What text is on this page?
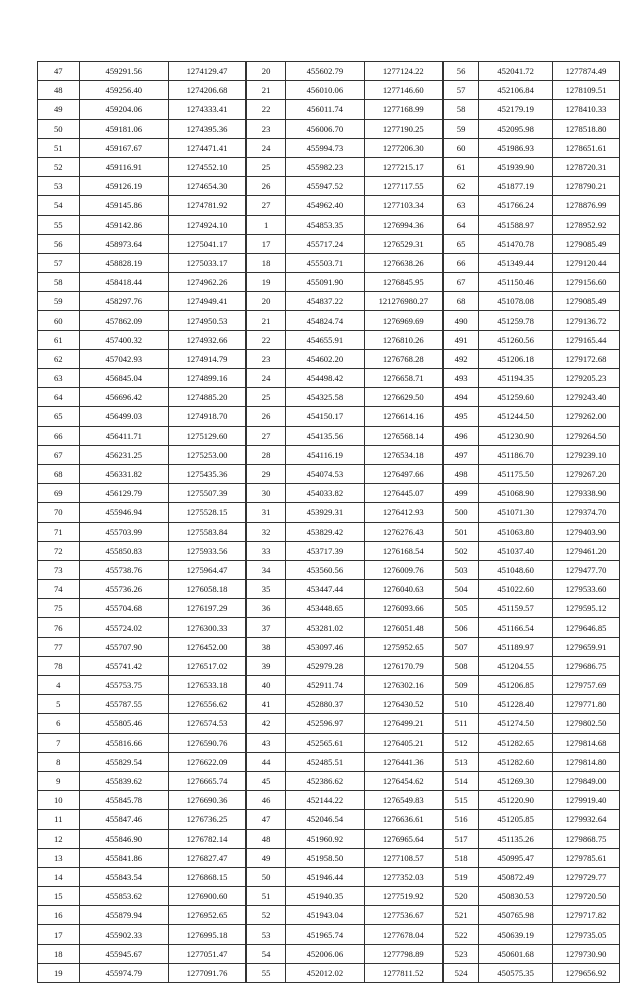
47	459291.56	1274129.47
48	459256.40	1274206.68
49	459204.06	1274333.41
50	459181.06	1274395.36
51	459167.67	1274471.41
52	459116.91	1274552.10
53	459126.19	1274654.30
54	459145.86	1274781.92
55	459142.86	1274924.10
56	458973.64	1275041.17
57	458828.19	1275033.17
58	458418.44	1274962.26
59	458297.76	1274949.41
60	457862.09	1274950.53
61	457400.32	1274932.66
62	457042.93	1274914.79
63	456845.04	1274899.16
64	456696.42	1274885.20
65	456499.03	1274918.70
66	456411.71	1275129.60
67	456231.25	1275253.00
68	456331.82	1275435.36
69	456129.79	1275507.39
70	455946.94	1275528.15
71	455703.99	1275583.84
72	455850.83	1275933.56
73	455738.76	1275964.47
74	455736.26	1276058.18
75	455704.68	1276197.29
76	455724.02	1276300.33
77	455707.90	1276452.00
78	455741.42	1276517.02
4	455753.75	1276533.18
5	455787.55	1276556.62
6	455805.46	1276574.53
7	455816.66	1276590.76
8	455829.54	1276622.09
9	455839.62	1276665.74
10	455845.78	1276690.36
11	455847.46	1276736.25
12	455846.90	1276782.14
13	455841.86	1276827.47
14	455843.54	1276868.15
15	455853.62	1276900.60
16	455879.94	1276952.65
17	455902.33	1276995.18
18	455945.67	1277051.47
19	455974.79	1277091.76
20	455602.79	1277124.22
21	456010.06	1277146.60
22	456011.74	1277168.99
23	456006.70	1277190.25
24	455994.73	1277206.30
25	455982.23	1277215.17
26	455947.52	1277117.55
27	454962.40	1277103.34
1	454853.35	1276994.36
17	455717.24	1276529.31
18	455503.71	1276638.26
19	455091.90	1276845.95
20	454837.22	121276980.27
21	454824.74	1276969.69
22	454655.91	1276810.26
23	454602.20	1276768.28
24	454498.42	1276658.71
25	454325.58	1276629.50
26	454150.17	1276614.16
27	454135.56	1276568.14
28	454116.19	1276534.18
29	454074.53	1276497.66
30	454033.82	1276445.07
31	453929.31	1276412.93
32	453829.42	1276276.43
33	453717.39	1276168.54
34	453560.56	1276009.76
35	453447.44	1276040.63
36	453448.65	1276093.66
37	453281.02	1276051.48
38	453097.46	1275952.65
39	452979.28	1276170.79
40	452911.74	1276302.16
41	452880.37	1276430.52
42	452596.97	1276499.21
43	452565.61	1276405.21
44	452485.51	1276441.36
45	452386.62	1276454.62
46	452144.22	1276549.83
47	452046.54	1276636.61
48	451960.92	1276965.64
49	451958.50	1277108.57
50	451946.44	1277352.03
51	451940.35	1277519.92
52	451943.04	1277536.67
53	451965.74	1277678.04
54	452006.06	1277798.89
55	452012.02	1277811.52
56	452041.72	1277874.49
57	452106.84	1278109.51
58	452179.19	1278410.33
59	452095.98	1278518.80
60	451986.93	1278651.61
61	451939.90	1278720.31
62	451877.19	1278790.21
63	451766.24	1278876.99
64	451588.97	1278952.92
65	451470.78	1279085.49
66	451349.44	1279120.44
67	451150.46	1279156.60
68	451078.08	1279085.49
490	451259.78	1279136.72
491	451260.56	1279165.44
492	451206.18	1279172.68
493	451194.35	1279205.23
494	451259.60	1279243.40
495	451244.50	1279262.00
496	451230.90	1279264.50
497	451186.70	1279239.10
498	451175.50	1279267.20
499	451068.90	1279338.90
500	451071.30	1279374.70
501	451063.80	1279403.90
502	451037.40	1279461.20
503	451048.60	1279477.70
504	451022.60	1279533.60
505	451159.57	1279595.12
506	451166.54	1279646.85
507	451189.97	1279659.91
508	451204.55	1279686.75
509	451206.85	1279757.69
510	451228.40	1279771.80
511	451274.50	1279802.50
512	451282.65	1279814.68
513	451282.60	1279814.80
514	451269.30	1279849.00
515	451220.90	1279919.40
516	451205.85	1279932.64
517	451135.26	1279868.75
518	450995.47	1279785.61
519	450872.49	1279729.77
520	450830.53	1279720.50
521	450765.98	1279717.82
522	450639.19	1279735.05
523	450601.68	1279730.90
524	450575.35	1279656.92
